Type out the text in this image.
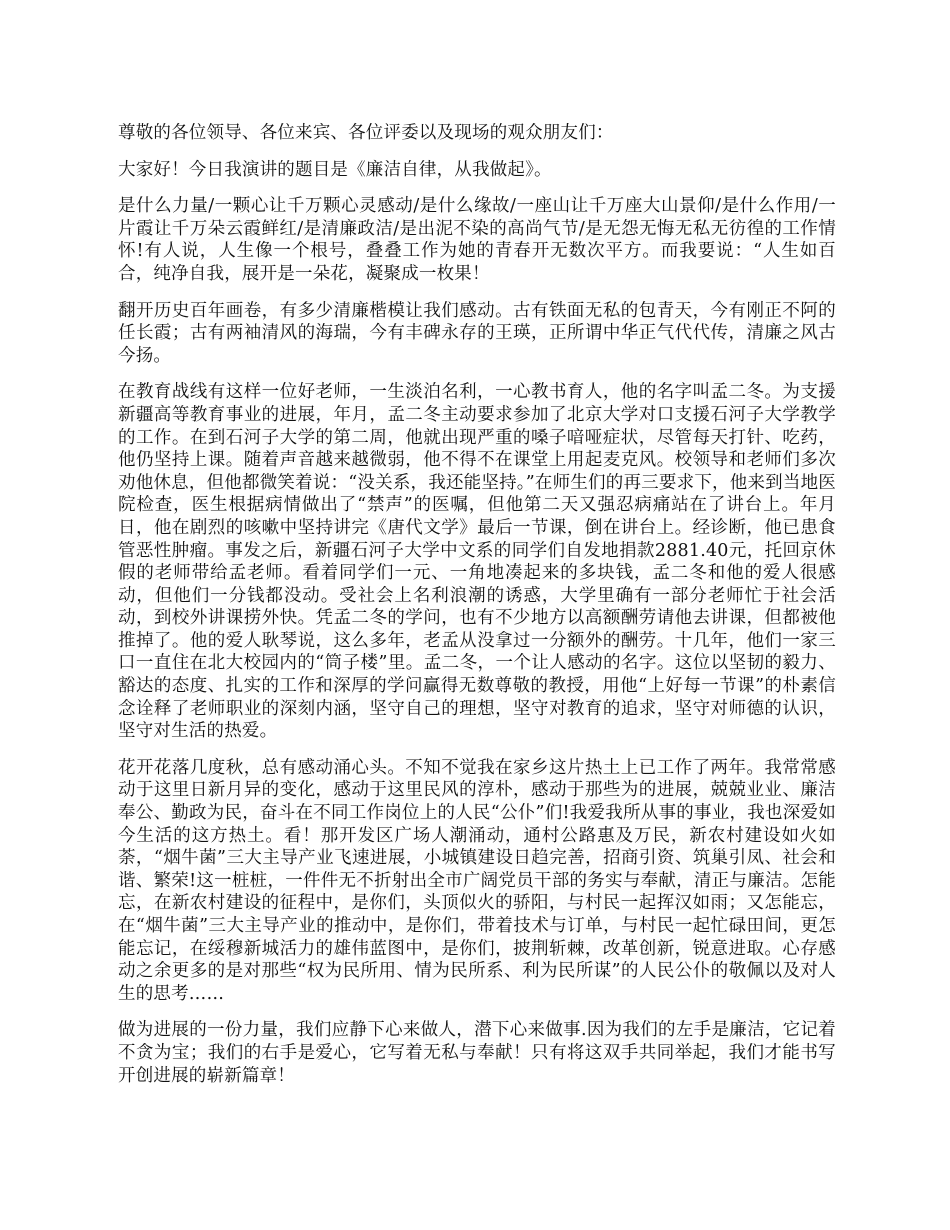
尊敬的各位领导、各位来宾、各位评委以及现场的观众朋友们：

大家好！今日我演讲的题目是《廉洁自律，从我做起》。

是什么力量/一颗心让千万颗心灵感动/是什么缘故/一座山让千万座大山景仰/是什么作用/一片霞让千万朵云霞鲜红/是清廉政洁/是出泥不染的高尚气节/是无怨无悔无私无彷徨的工作情怀!有人说，人生像一个根号，叠叠工作为她的青春开无数次平方。而我要说：“人生如百合，纯净自我，展开是一朵花，凝聚成一枚果！

翻开历史百年画卷，有多少清廉楷模让我们感动。古有铁面无私的包青天，今有刚正不阿的任长霞；古有两袖清风的海瑞，今有丰碑永存的王瑛，正所谓中华正气代代传，清廉之风古今扬。

在教育战线有这样一位好老师，一生淡泊名利，一心教书育人，他的名字叫孟二冬。为支援新疆高等教育事业的进展，年月，孟二冬主动要求参加了北京大学对口支援石河子大学教学的工作。在到石河子大学的第二周，他就出现严重的嗓子喑哑症状，尽管每天打针、吃药，他仍坚持上课。随着声音越来越微弱，他不得不在课堂上用起麦克风。校领导和老师们多次劝他休息，但他都微笑着说：“没关系，我还能坚持。”在师生们的再三要求下，他来到当地医院检查，医生根据病情做出了“禁声”的医嘱，但他第二天又强忍病痛站在了讲台上。年月日，他在剧烈的咳嗽中坚持讲完《唐代文学》最后一节课，倒在讲台上。经诊断，他已患食管恶性肿瘤。事发之后，新疆石河子大学中文系的同学们自发地捐款2881.40元，托回京休假的老师带给孟老师。看着同学们一元、一角地凑起来的多块钱，孟二冬和他的爱人很感动，但他们一分钱都没动。受社会上名利浪潮的诱惑，大学里确有一部分老师忙于社会活动，到校外讲课捞外快。凭孟二冬的学问，也有不少地方以高额酬劳请他去讲课，但都被他推掉了。他的爱人耿琴说，这么多年，老孟从没拿过一分额外的酬劳。十几年，他们一家三口一直住在北大校园内的“筒子楼”里。孟二冬，一个让人感动的名字。这位以坚韧的毅力、豁达的态度、扎实的工作和深厚的学问赢得无数尊敬的教授，用他“上好每一节课”的朴素信念诠释了老师职业的深刻内涵，坚守自己的理想，坚守对教育的追求，坚守对师德的认识，坚守对生活的热爱。

花开花落几度秋，总有感动涌心头。不知不觉我在家乡这片热土上已工作了两年。我常常感动于这里日新月异的变化，感动于这里民风的淳朴，感动于那些为的进展，兢兢业业、廉洁奉公、勤政为民，奋斗在不同工作岗位上的人民“公仆”们!我爱我所从事的事业，我也深爱如今生活的这方热土。看！那开发区广场人潮涌动，通村公路惠及万民，新农村建设如火如荼，“烟牛菌”三大主导产业飞速进展，小城镇建设日趋完善，招商引资、筑巢引凤、社会和谐、繁荣!这一桩桩，一件件无不折射出全市广阔党员干部的务实与奉献，清正与廉洁。怎能忘，在新农村建设的征程中，是你们，头顶似火的骄阳，与村民一起挥汉如雨；又怎能忘，在“烟牛菌”三大主导产业的推动中，是你们，带着技术与订单，与村民一起忙碌田间，更怎能忘记，在绥穆新城活力的雄伟蓝图中，是你们，披荆斩棘，改革创新，锐意进取。心存感动之余更多的是对那些“权为民所用、情为民所系、利为民所谋”的人民公仆的敬佩以及对人生的思考……

做为进展的一份力量，我们应静下心来做人，潜下心来做事.因为我们的左手是廉洁，它记着不贪为宝；我们的右手是爱心，它写着无私与奉献！只有将这双手共同举起，我们才能书写开创进展的崭新篇章！
